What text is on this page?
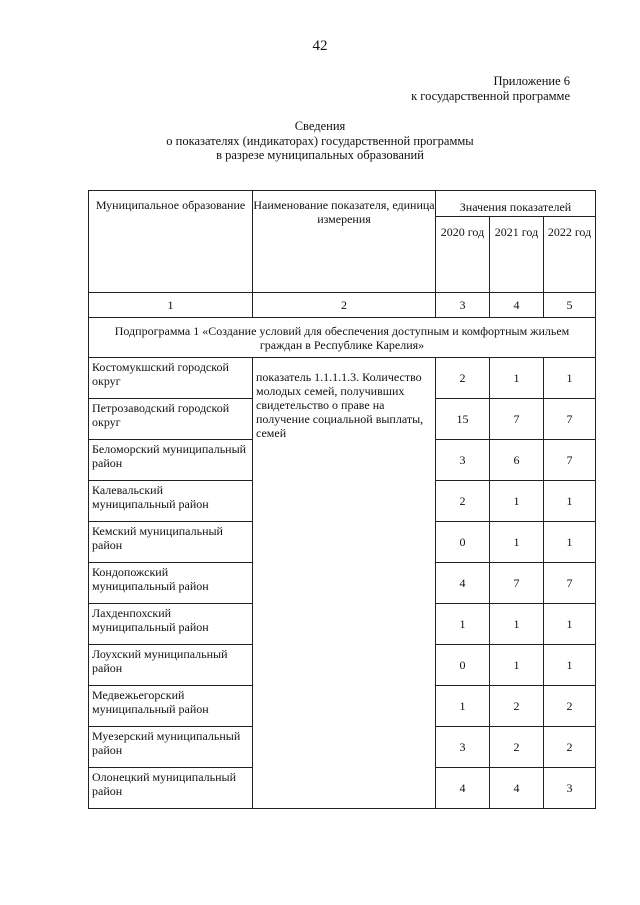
42
Приложение 6
к государственной программе
Сведения
о показателях (индикаторах) государственной программы
в разрезе муниципальных образований
Муниципальное образование	Наименование показателя, единица измерения	Значения показателей		
		2020 год	2021 год	2022 год
1	2	3	4	5
Подпрограмма 1 «Создание условий для обеспечения доступным и комфортным жильем граждан в Республике Карелия»				
Костомукшский городской округ	показатель 1.1.1.1.3. Количество молодых семей, получивших свидетельство о праве на получение социальной выплаты, семей	2	1	1
Петрозаводский городской округ		15	7	7
Беломорский муниципальный район		3	6	7
Калевальский муниципальный район		2	1	1
Кемский муниципальный район		0	1	1
Кондопожский муниципальный район		4	7	7
Лахденпохский муниципальный район		1	1	1
Лоухский муниципальный район		0	1	1
Медвежьегорский муниципальный район		1	2	2
Муезерский муниципальный район		3	2	2
Олонецкий муниципальный район		4	4	3
